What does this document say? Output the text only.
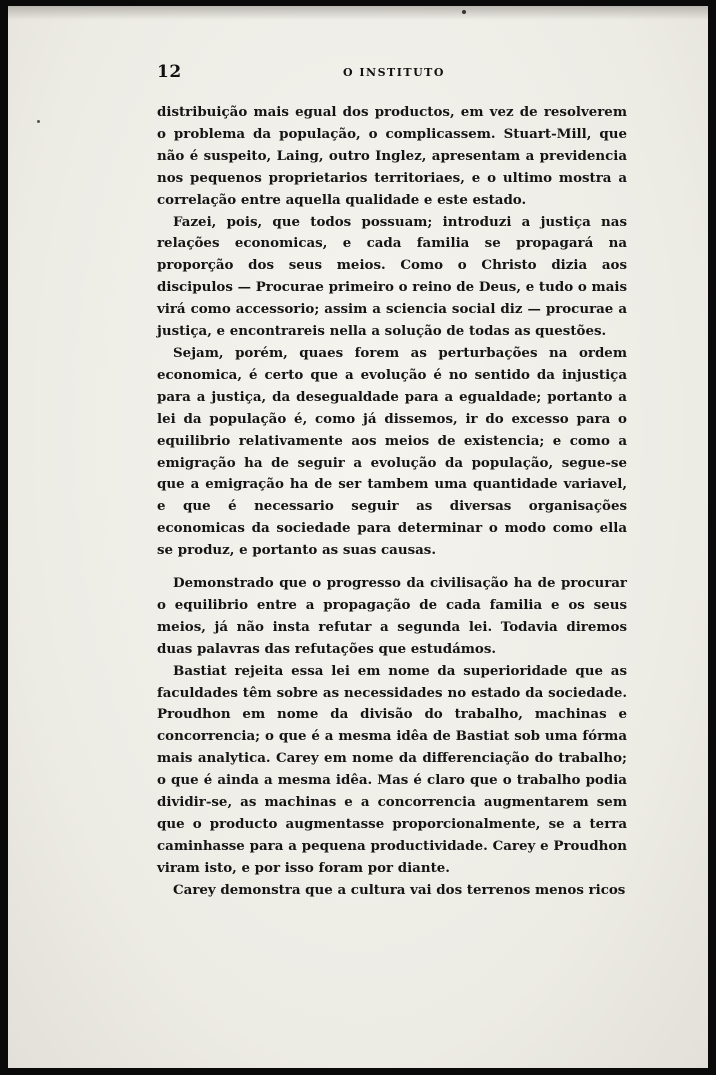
12	O INSTITUTO

distribuição mais egual dos productos, em vez de resolverem o problema da população, o complicassem. Stuart-Mill, que não é suspeito, Laing, outro Inglez, apresentam a previdencia nos pequenos proprietarios territoriaes, e o ultimo mostra a correlação entre aquella qualidade e este estado.

Fazei, pois, que todos possuam; introduzi a justiça nas relações economicas, e cada familia se propagará na proporção dos seus meios. Como o Christo dizia aos discipulos — Procurae primeiro o reino de Deus, e tudo o mais virá como accessorio; assim a sciencia social diz — procurae a justiça, e encontrareis nella a solução de todas as questões.

Sejam, porém, quaes forem as perturbações na ordem economica, é certo que a evolução é no sentido da injustiça para a justiça, da desegualdade para a egualdade; portanto a lei da população é, como já dissemos, ir do excesso para o equilibrio relativamente aos meios de existencia; e como a emigração ha de seguir a evolução da população, segue-se que a emigração ha de ser tambem uma quantidade variavel, e que é necessario seguir as diversas organisações economicas da sociedade para determinar o modo como ella se produz, e portanto as suas causas.

Demonstrado que o progresso da civilisação ha de procurar o equilibrio entre a propagação de cada familia e os seus meios, já não insta refutar a segunda lei. Todavia diremos duas palavras das refutações que estudámos.

Bastiat rejeita essa lei em nome da superioridade que as faculdades têm sobre as necessidades no estado da sociedade. Proudhon em nome da divisão do trabalho, machinas e concorrencia; o que é a mesma idêa de Bastiat sob uma fórma mais analytica. Carey em nome da differenciação do trabalho; o que é ainda a mesma idêa. Mas é claro que o trabalho podia dividir-se, as machinas e a concorrencia augmentarem sem que o producto augmentasse proporcionalmente, se a terra caminhasse para a pequena productividade. Carey e Proudhon viram isto, e por isso foram por diante.

Carey demonstra que a cultura vai dos terrenos menos ricos
